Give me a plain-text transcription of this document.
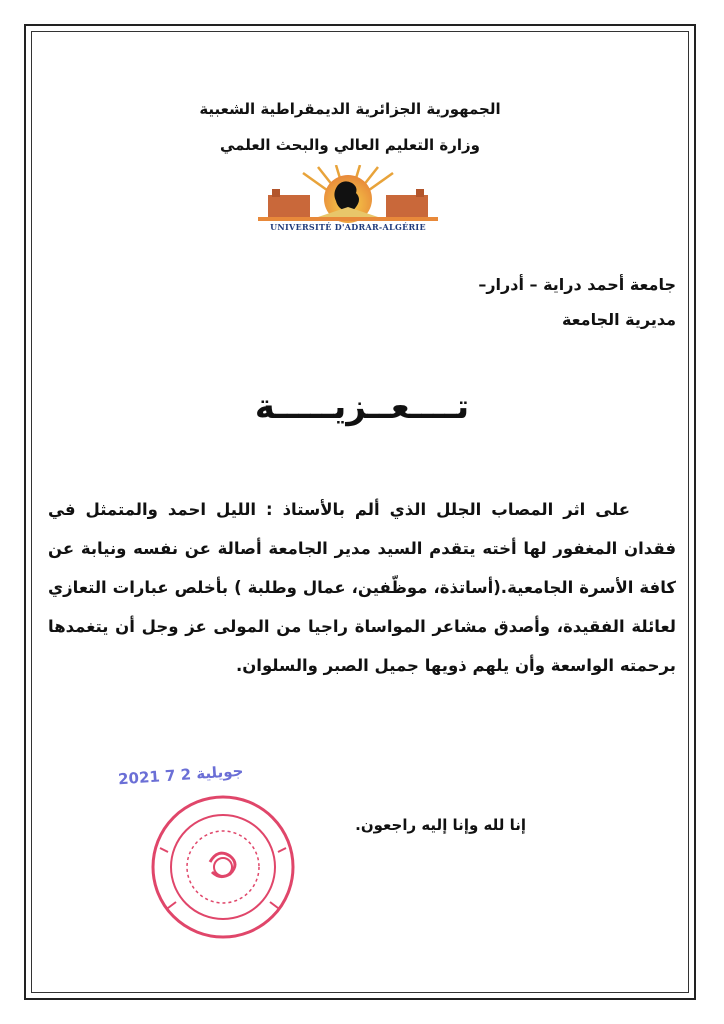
الجمهورية الجزائرية الديمقراطية الشعبية
وزارة التعليم العالي والبحث العلمي
UNIVERSITÉ D'ADRAR-ALGÉRIE
جامعة أحمد دراية – أدرار–
مديرية الجامعة
تــــعــزيـــــة

على اثر المصاب الجلل الذي ألم بالأستاذ : الليل احمد والمتمثل في فقدان المغفور لها أخته يتقدم السيد مدير الجامعة أصالة عن نفسه ونيابة عن كافة الأسرة الجامعية.(أساتذة، موظّفين، عمال وطلبة ) بأخلص عبارات التعازي لعائلة الفقيدة، وأصدق مشاعر المواساة راجيا من المولى عز وجل أن يتغمدها برحمته الواسعة وأن يلهم ذويها جميل الصبر والسلوان.

2021 جويلية 2 7
إنا لله وإنا إليه راجعون.
